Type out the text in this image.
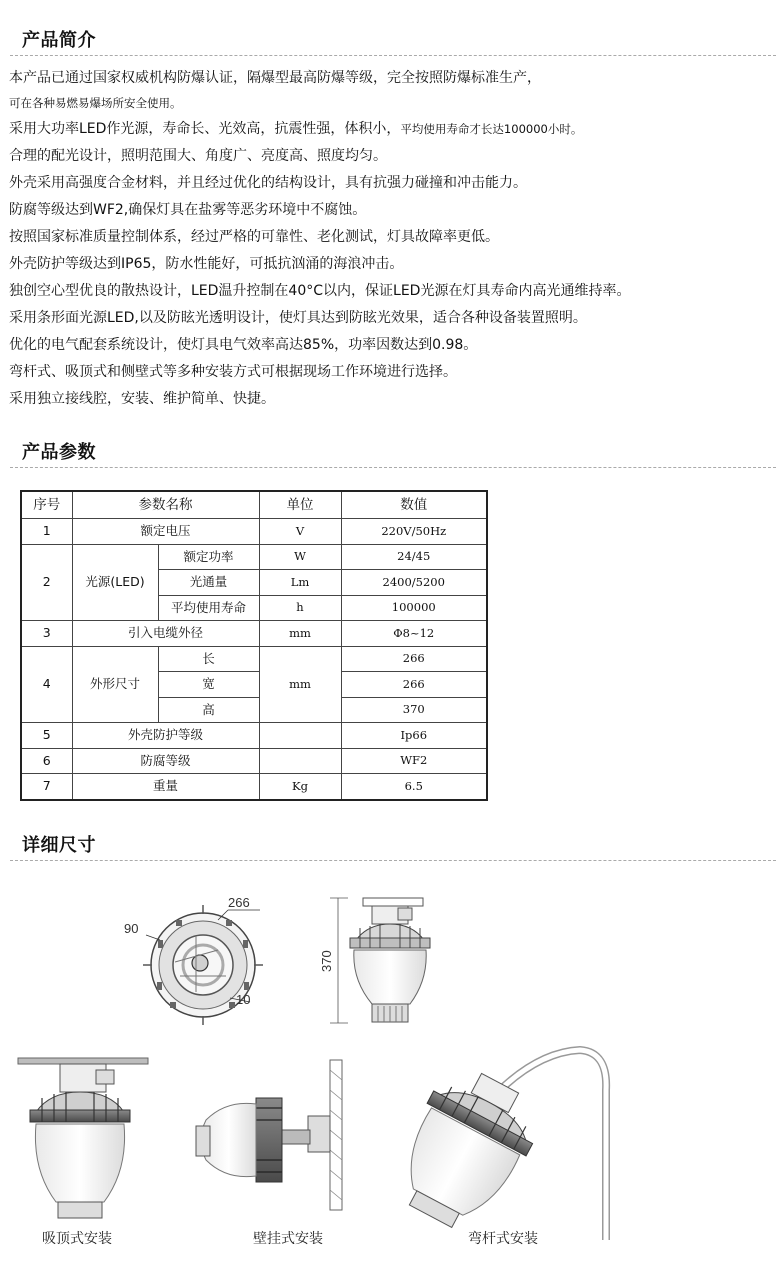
产品简介
本产品已通过国家权威机构防爆认证，隔爆型最高防爆等级，完全按照防爆标准生产，
可在各种易燃易爆场所安全使用。
采用大功率LED作光源，寿命长、光效高，抗震性强，体积小，平均使用寿命才长达100000小时。
合理的配光设计，照明范围大、角度广、亮度高、照度均匀。
外壳采用高强度合金材料，并且经过优化的结构设计，具有抗强力碰撞和冲击能力。
防腐等级达到WF2,确保灯具在盐雾等恶劣环境中不腐蚀。
按照国家标准质量控制体系，经过严格的可靠性、老化测试，灯具故障率更低。
外壳防护等级达到IP65，防水性能好，可抵抗汹涌的海浪冲击。
独创空心型优良的散热设计，LED温升控制在40°C以内，保证LED光源在灯具寿命内高光通维持率。
采用条形面光源LED,以及防眩光透明设计，使灯具达到防眩光效果，适合各种设备装置照明。
优化的电气配套系统设计，使灯具电气效率高达85%，功率因数达到0.98。
弯杆式、吸顶式和侧壁式等多种安装方式可根据现场工作环境进行选择。
采用独立接线腔，安装、维护简单、快捷。
产品参数
序号	参数名称		单位	数值
1	额定电压		V	220V/50Hz
2	光源(LED)	额定功率	W	24/45
		光通量	Lm	2400/5200
		平均使用寿命	h	100000
3	引入电缆外径		mm	Φ8~12
4	外形尺寸	长	mm	266
		宽		266
		高		370
5	外壳防护等级			Ip66
6	防腐等级			WF2
7	重量		Kg	6.5
详细尺寸
266
90
10
370
吸顶式安装	壁挂式安装	弯杆式安装
